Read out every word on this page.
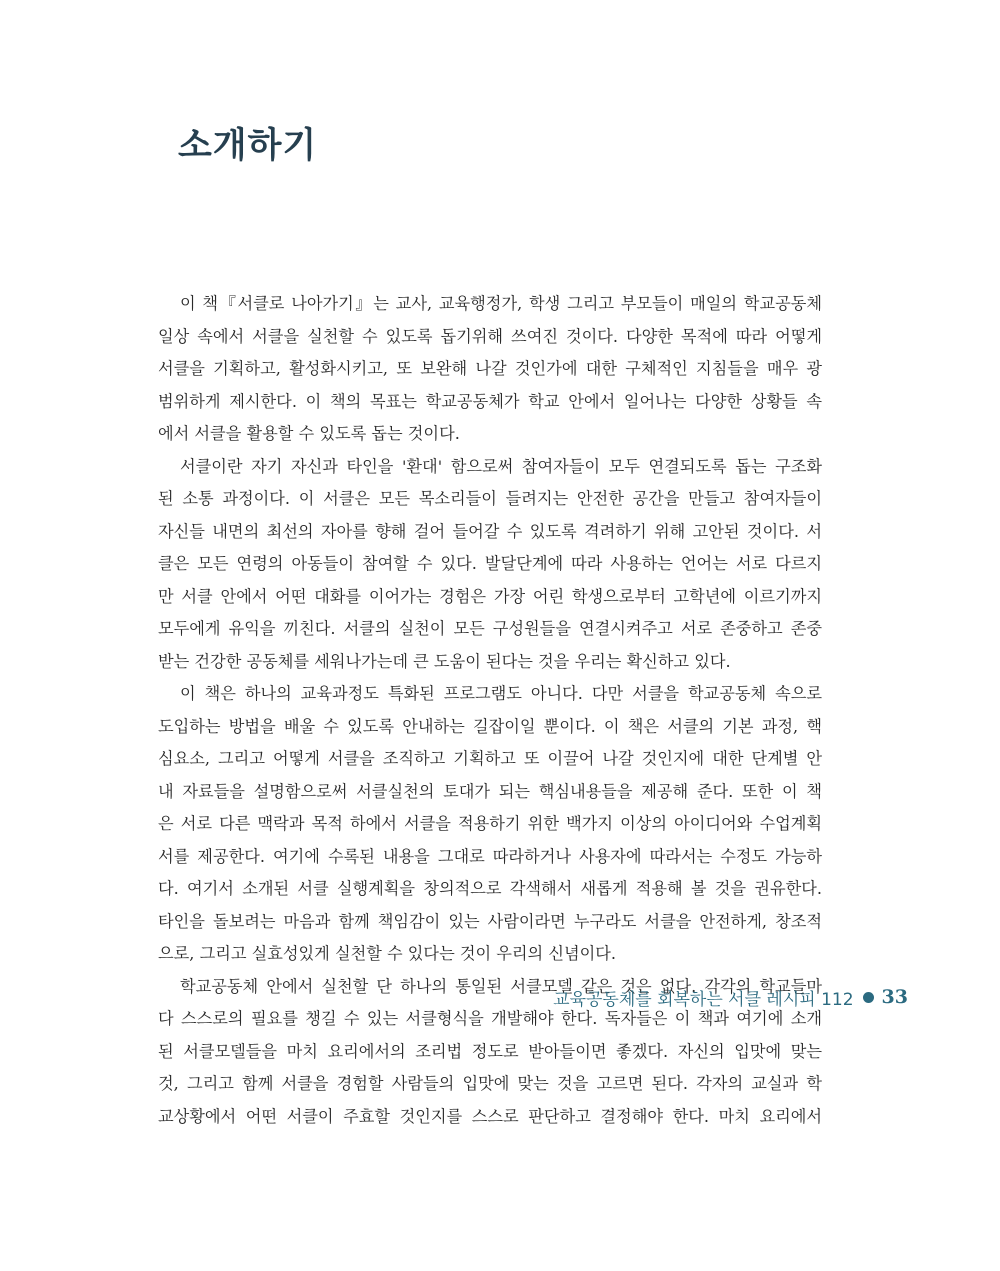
소개하기

이 책『서클로 나아가기』는 교사, 교육행정가, 학생 그리고 부모들이 매일의 학교공동체
일상 속에서 서클을 실천할 수 있도록 돕기위해 쓰여진 것이다. 다양한 목적에 따라 어떻게
서클을 기획하고, 활성화시키고, 또 보완해 나갈 것인가에 대한 구체적인 지침들을 매우 광
범위하게 제시한다. 이 책의 목표는 학교공동체가 학교 안에서 일어나는 다양한 상황들 속
에서 서클을 활용할 수 있도록 돕는 것이다.

서클이란 자기 자신과 타인을 '환대' 함으로써 참여자들이 모두 연결되도록 돕는 구조화
된 소통 과정이다. 이 서클은 모든 목소리들이 들려지는 안전한 공간을 만들고 참여자들이
자신들 내면의 최선의 자아를 향해 걸어 들어갈 수 있도록 격려하기 위해 고안된 것이다. 서
클은 모든 연령의 아동들이 참여할 수 있다. 발달단계에 따라 사용하는 언어는 서로 다르지
만 서클 안에서 어떤 대화를 이어가는 경험은 가장 어린 학생으로부터 고학년에 이르기까지
모두에게 유익을 끼친다. 서클의 실천이 모든 구성원들을 연결시켜주고 서로 존중하고 존중
받는 건강한 공동체를 세워나가는데 큰 도움이 된다는 것을 우리는 확신하고 있다.

이 책은 하나의 교육과정도 특화된 프로그램도 아니다. 다만 서클을 학교공동체 속으로
도입하는 방법을 배울 수 있도록 안내하는 길잡이일 뿐이다. 이 책은 서클의 기본 과정, 핵
심요소, 그리고 어떻게 서클을 조직하고 기획하고 또 이끌어 나갈 것인지에 대한 단계별 안
내 자료들을 설명함으로써 서클실천의 토대가 되는 핵심내용들을 제공해 준다. 또한 이 책
은 서로 다른 맥락과 목적 하에서 서클을 적용하기 위한 백가지 이상의 아이디어와 수업계획
서를 제공한다. 여기에 수록된 내용을 그대로 따라하거나 사용자에 따라서는 수정도 가능하
다. 여기서 소개된 서클 실행계획을 창의적으로 각색해서 새롭게 적용해 볼 것을 권유한다.
타인을 돌보려는 마음과 함께 책임감이 있는 사람이라면 누구라도 서클을 안전하게, 창조적
으로, 그리고 실효성있게 실천할 수 있다는 것이 우리의 신념이다.

학교공동체 안에서 실천할 단 하나의 통일된 서클모델 같은 것은 없다. 각각의 학교들마
다 스스로의 필요를 챙길 수 있는 서클형식을 개발해야 한다. 독자들은 이 책과 여기에 소개
된 서클모델들을 마치 요리에서의 조리법 정도로 받아들이면 좋겠다. 자신의 입맛에 맞는
것, 그리고 함께 서클을 경험할 사람들의 입맛에 맞는 것을 고르면 된다. 각자의 교실과 학
교상황에서 어떤 서클이 주효할 것인지를 스스로 판단하고 결정해야 한다. 마치 요리에서

교육공동체를 회복하는 서클 레시피 112 33
